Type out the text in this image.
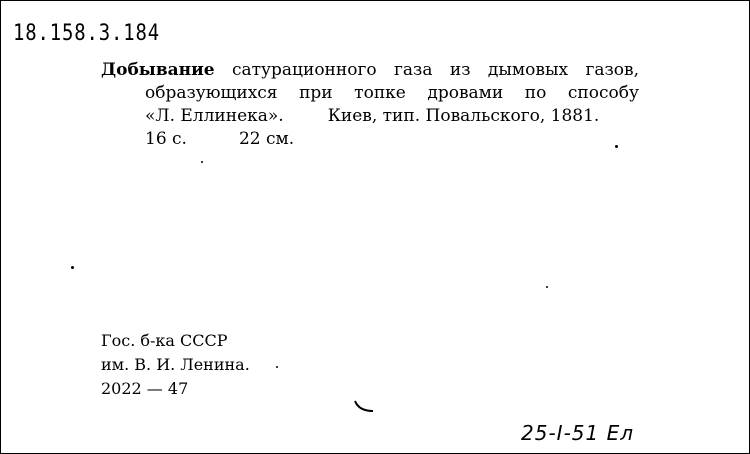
18.158.3.184
Добывание сатурационного газа из дымовых газов,
образующихся при топке дровами по способу
«Л. Еллинека».	Киев, тип. Повальского, 1881.
16 с.	22 см.
Гос. б-ка СССР
им. В. И. Ленина.
2022 — 47
25-Ⅰ-51 Ел
